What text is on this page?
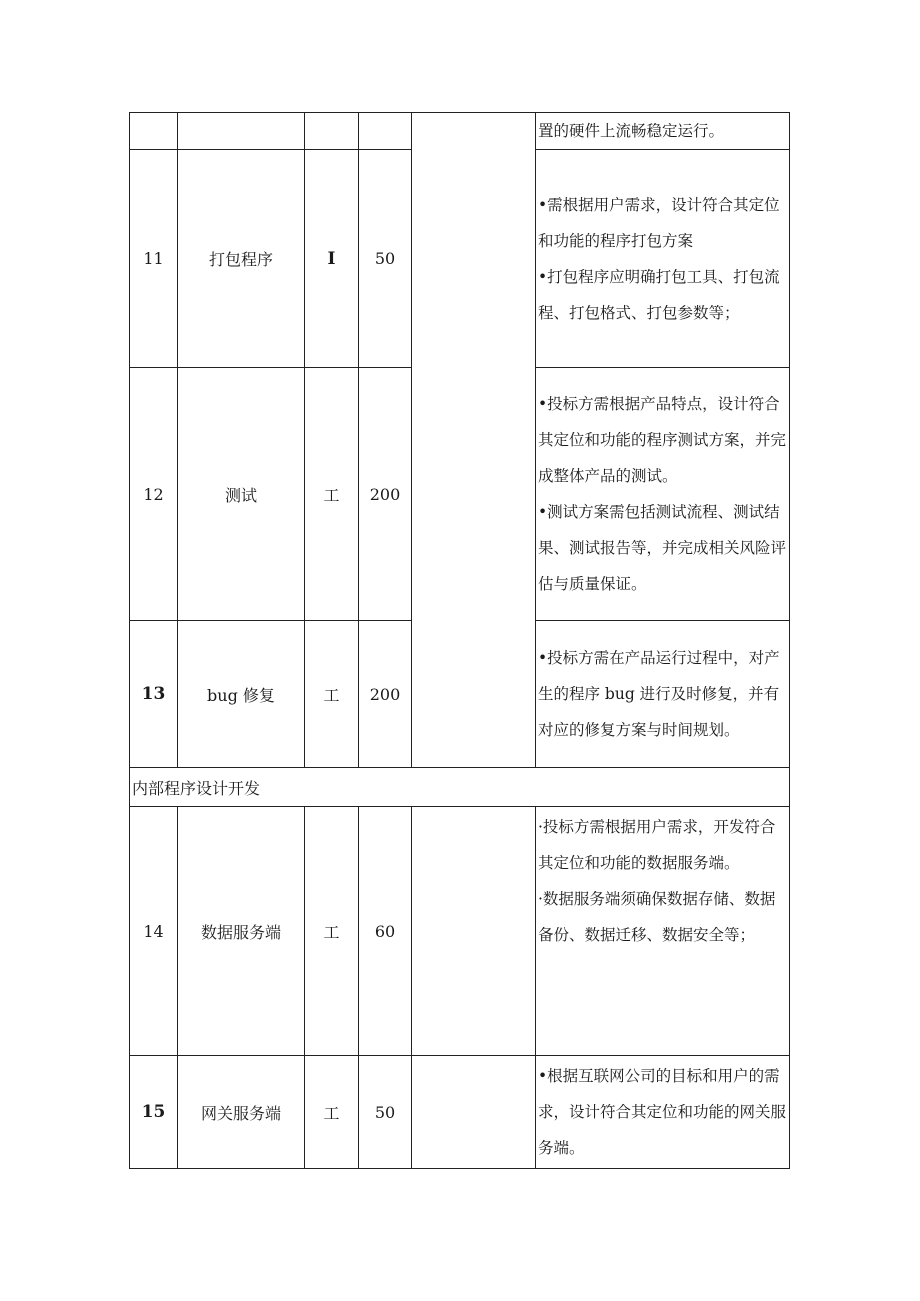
					置的硬件上流畅稳定运行。

11	打包程序	I	50		•需根据用户需求，设计符合其定位和功能的程序打包方案

•打包程序应明确打包工具、打包流程、打包格式、打包参数等；

12	测试	工	200		•投标方需根据产品特点，设计符合其定位和功能的程序测试方案，并完成整体产品的测试。

•测试方案需包括测试流程、测试结果、测试报告等，并完成相关风险评估与质量保证。

13	bug 修复	工	200		•投标方需在产品运行过程中，对产生的程序 bug 进行及时修复，并有对应的修复方案与时间规划。

内部程序设计开发					
14	数据服务端	工	60		·投标方需根据用户需求，开发符合其定位和功能的数据服务端。

·数据服务端须确保数据存储、数据备份、数据迁移、数据安全等；

15	网关服务端	工	50		•根据互联网公司的目标和用户的需求，设计符合其定位和功能的网关服务端。
